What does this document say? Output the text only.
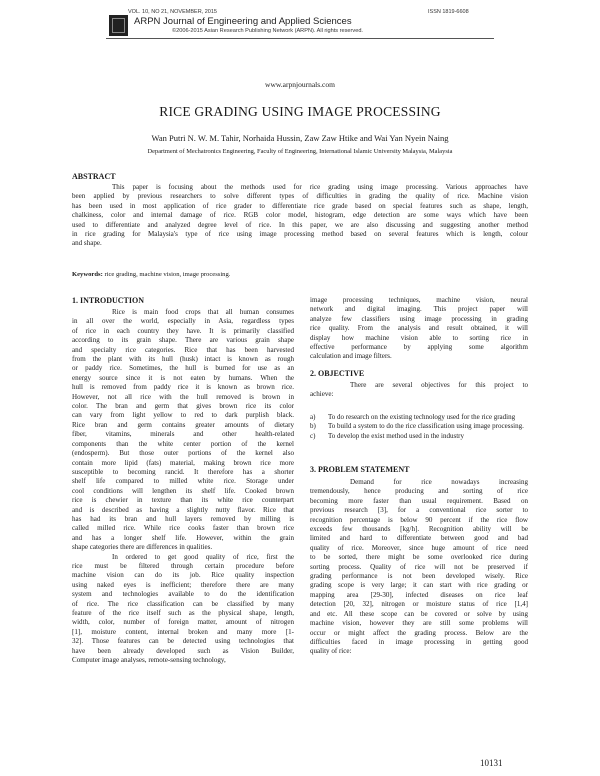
VOL. 10, NO 21, NOVEMBER, 2015	ISSN 1819-6608
ARPN Journal of Engineering and Applied Sciences
©2006-2015 Asian Research Publishing Network (ARPN). All rights reserved.
www.arpnjournals.com
RICE GRADING USING IMAGE PROCESSING
Wan Putri N. W. M. Tahir, Norhaida Hussin, Zaw Zaw Htike and Wai Yan Nyein Naing
Department of Mechatronics Engineering, Faculty of Engineering, International Islamic University Malaysia, Malaysia
ABSTRACT
This paper is focusing about the methods used for rice grading using image processing. Various approaches have
been applied by previous researchers to solve different types of difficulties in grading the quality of rice. Machine vision
has been used in most application of rice grader to differentiate rice grade based on special features such as shape, length,
chalkiness, color and internal damage of rice. RGB color model, histogram, edge detection are some ways which have been
used to differentiate and analyzed degree level of rice. In this paper, we are also discussing and suggesting another method
in rice grading for Malaysia's type of rice using image processing method based on several features which is length, colour
and shape.
Keywords: rice grading, machine vision, image processing.
1. INTRODUCTION
Rice is main food crops that all human consumes
in all over the world, especially in Asia, regardless types
of rice in each country they have. It is primarily classified
according to its grain shape. There are various grain shape
and specialty rice categories. Rice that has been harvested
from the plant with its hull (husk) intact is known as rough
or paddy rice. Sometimes, the hull is burned for use as an
energy source since it is not eaten by humans. When the
hull is removed from paddy rice it is known as brown rice.
However, not all rice with the hull removed is brown in
color. The bran and germ that gives brown rice its color
can vary from light yellow to red to dark purplish black.
Rice bran and germ contains greater amounts of dietary
fiber, vitamins, minerals and other health-related
components than the white center portion of the kernel
(endosperm). But those outer portions of the kernel also
contain more lipid (fats) material, making brown rice more
susceptible to becoming rancid. It therefore has a shorter
shelf life compared to milled white rice. Storage under
cool conditions will lengthen its shelf life. Cooked brown
rice is chewier in texture than its white rice counterpart
and is described as having a slightly nutty flavor. Rice that
has had its bran and hull layers removed by milling is
called milled rice. While rice cooks faster than brown rice
and has a longer shelf life. However, within the grain
shape categories there are differences in qualities.
In ordered to get good quality of rice, first the
rice must be filtered through certain procedure before
machine vision can do its job. Rice quality inspection
using naked eyes is inefficient; therefore there are many
system and technologies available to do the identification
of rice. The rice classification can be classified by many
feature of the rice itself such as the physical shape, length,
width, color, number of foreign matter, amount of nitrogen
[1], moisture content, internal broken and many more [1-
32]. Those features can be detected using technologies that
have been already developed such as Vision Builder,
Computer image analyses, remote-sensing technology,
image processing techniques, machine vision, neural
network and digital imaging. This project paper will
analyze few classifiers using image processing in grading
rice quality. From the analysis and result obtained, it will
display how machine vision able to sorting rice in
effective performance by applying some algorithm
calculation and image filters.
2. OBJECTIVE
There are several objectives for this project to
achieve:
a) To do research on the existing technology used for the rice grading
b) To build a system to do the rice classification using image processing.
c) To develop the exist method used in the industry
3. PROBLEM STATEMENT
Demand for rice nowadays increasing
tremendously, hence producing and sorting of rice
becoming more faster than usual requirement. Based on
previous research [3], for a conventional rice sorter to
recognition percentage is below 90 percent if the rice flow
exceeds few thousands [kg/h]. Recognition ability will be
limited and hard to differentiate between good and bad
quality of rice. Moreover, since huge amount of rice need
to be sorted, there might be some overlooked rice during
sorting process. Quality of rice will not be preserved if
grading performance is not been developed wisely. Rice
grading scope is very large; it can start with rice grading or
mapping area [29-30], infected diseases on rice leaf
detection [20, 32], nitrogen or moisture status of rice [1,4]
and etc. All these scope can be covered or solve by using
machine vision, however they are still some problems will
occur or might affect the grading process. Below are the
difficulties faced in image processing in getting good
quality of rice:
10131
